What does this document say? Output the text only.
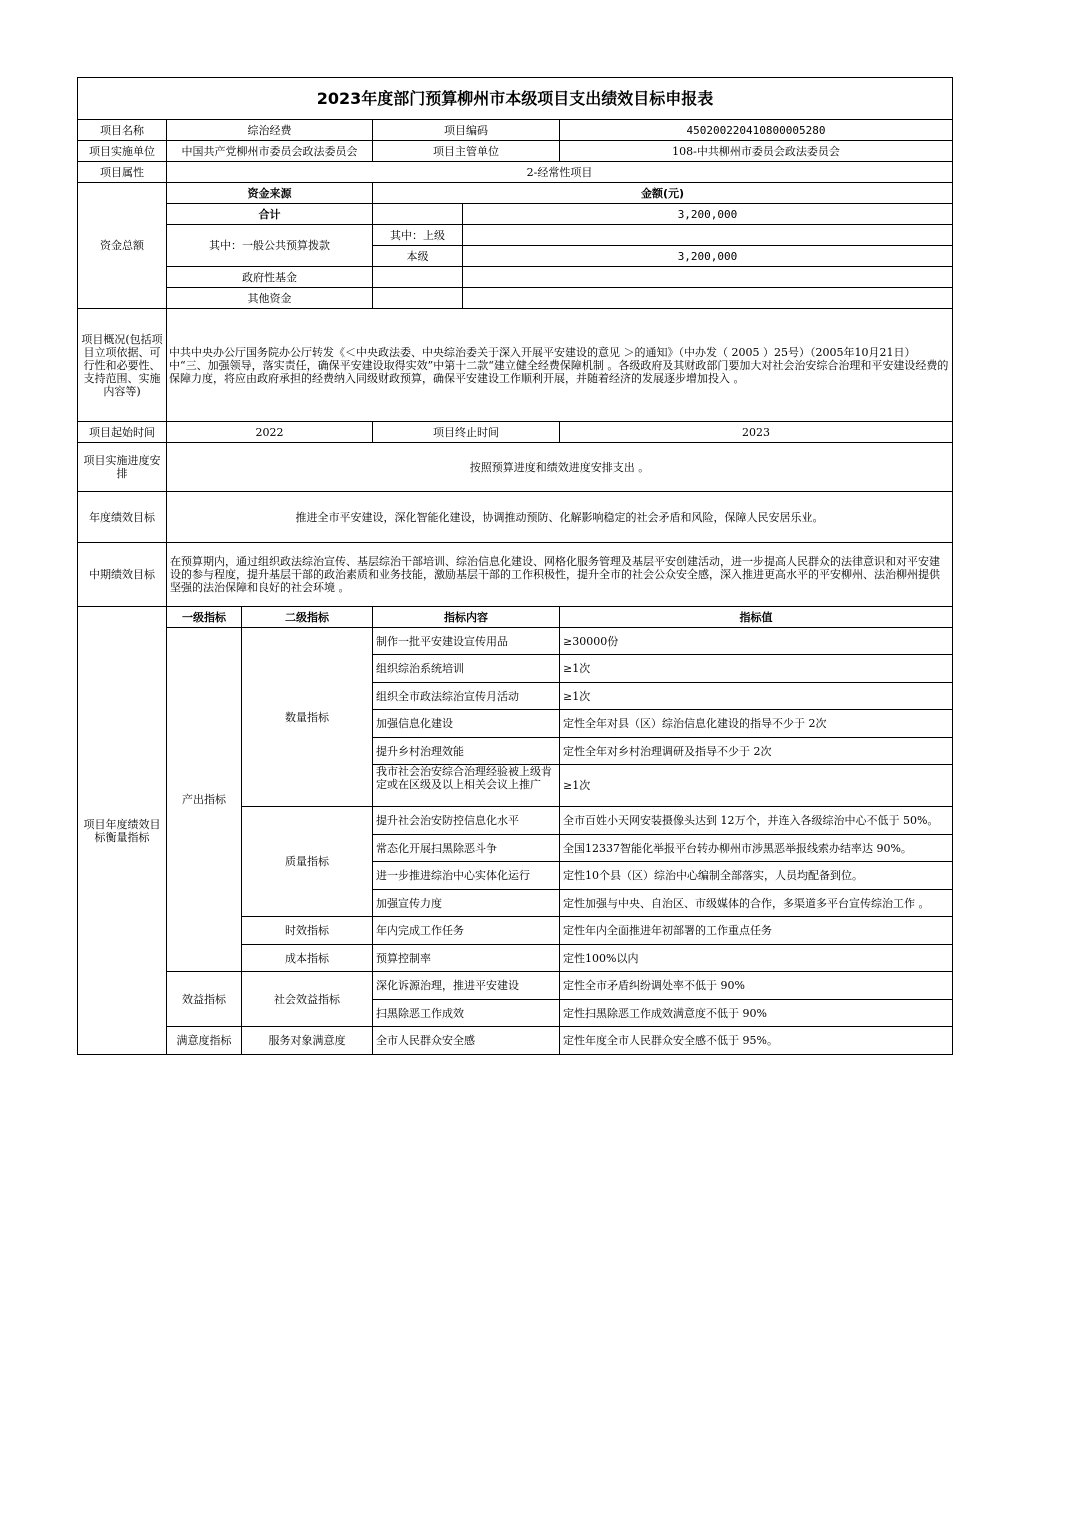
2023年度部门预算柳州市本级项目支出绩效目标申报表					
项目名称	综治经费		项目编码		450200220410800005280
项目实施单位	中国共产党柳州市委员会政法委员会		项目主管单位		108-中共柳州市委员会政法委员会
项目属性	2-经常性项目				
资金总额	资金来源		金额(元)		
	合计			3,200,000	
	其中：一般公共预算拨款		其中：上级		
			本级	3,200,000	
	政府性基金				
	其他资金				
项目概况(包括项目立项依据、可行性和必要性、支持范围、实施内容等)	中共中央办公厅国务院办公厅转发《＜中央政法委、中央综治委关于深入开展平安建设的意见 ＞的通知》（中办发（ 2005 ）25号）（2005年10月21日）中“三、加强领导，落实责任，确保平安建设取得实效”中第十二款“建立健全经费保障机制 。各级政府及其财政部门要加大对社会治安综合治理和平安建设经费的保障力度，将应由政府承担的经费纳入同级财政预算，确保平安建设工作顺利开展，并随着经济的发展逐步增加投入 。				
项目起始时间	2022		项目终止时间		2023
项目实施进度安排	按照预算进度和绩效进度安排支出 。				
年度绩效目标	推进全市平安建设，深化智能化建设，协调推动预防、化解影响稳定的社会矛盾和风险，保障人民安居乐业。				
中期绩效目标	在预算期内，通过组织政法综治宣传、基层综治干部培训、综治信息化建设、网格化服务管理及基层平安创建活动，进一步提高人民群众的法律意识和对平安建设的参与程度，提升基层干部的政治素质和业务技能，激励基层干部的工作积极性，提升全市的社会公众安全感，深入推进更高水平的平安柳州、法治柳州提供坚强的法治保障和良好的社会环境 。				
项目年度绩效目标衡量指标	一级指标	二级指标	指标内容		指标值
	产出指标	数量指标	制作一批平安建设宣传用品		≥30000份
			组织综治系统培训		≥1次
			组织全市政法综治宣传月活动		≥1次
			加强信息化建设		定性全年对县（区）综治信息化建设的指导不少于 2次
			提升乡村治理效能		定性全年对乡村治理调研及指导不少于 2次
			我市社会治安综合治理经验被上级肯定或在区级及以上相关会议上推广		≥1次
		质量指标	提升社会治安防控信息化水平		全市百姓小天网安装摄像头达到 12万个，并连入各级综治中心不低于 50%。
			常态化开展扫黑除恶斗争		全国12337智能化举报平台转办柳州市涉黑恶举报线索办结率达 90%。
			进一步推进综治中心实体化运行		定性10个县（区）综治中心编制全部落实，人员均配备到位。
			加强宣传力度		定性加强与中央、自治区、市级媒体的合作，多渠道多平台宣传综治工作 。
		时效指标	年内完成工作任务		定性年内全面推进年初部署的工作重点任务
		成本指标	预算控制率		定性100%以内
	效益指标	社会效益指标	深化诉源治理，推进平安建设		定性全市矛盾纠纷调处率不低于 90%
			扫黑除恶工作成效		定性扫黑除恶工作成效满意度不低于 90%
	满意度指标	服务对象满意度	全市人民群众安全感		定性年度全市人民群众安全感不低于 95%。
